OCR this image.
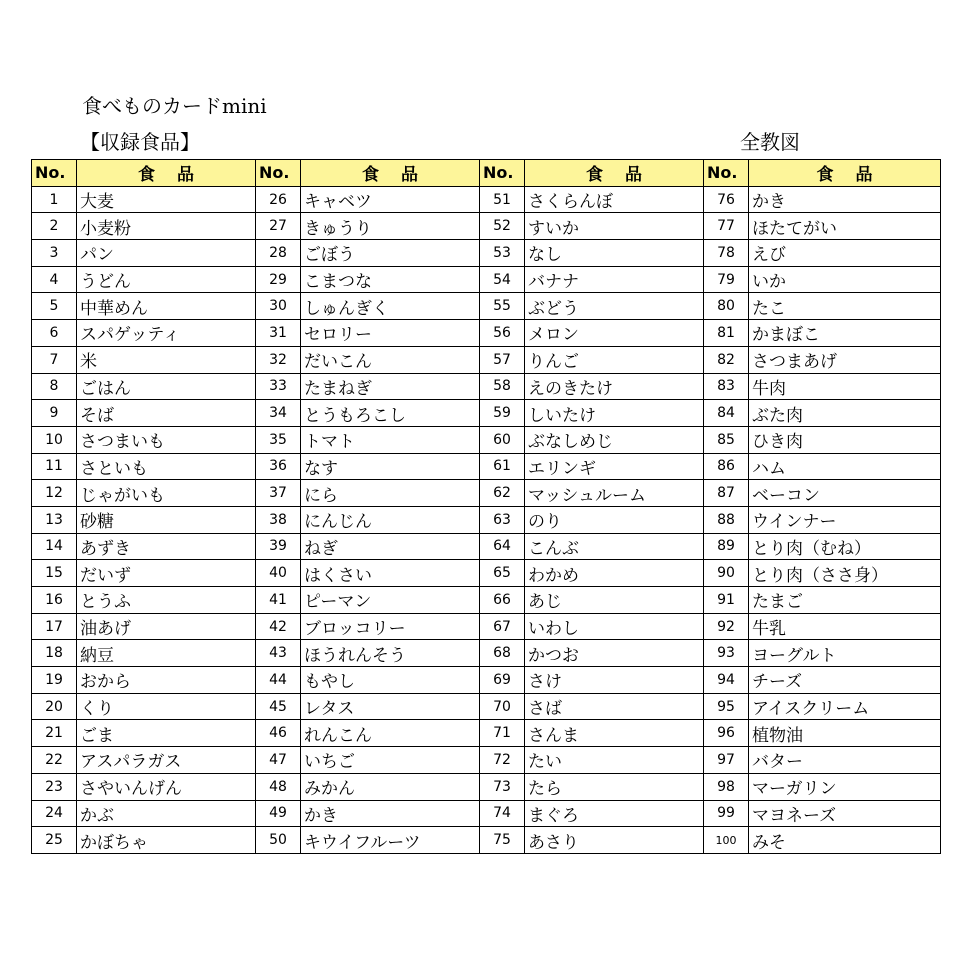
食べものカードmini
【収録食品】	全教図
No.	食品	No.	食品	No.	食品	No.	食品
1	大麦	26	キャベツ	51	さくらんぼ	76	かき
2	小麦粉	27	きゅうり	52	すいか	77	ほたてがい
3	パン	28	ごぼう	53	なし	78	えび
4	うどん	29	こまつな	54	バナナ	79	いか
5	中華めん	30	しゅんぎく	55	ぶどう	80	たこ
6	スパゲッティ	31	セロリー	56	メロン	81	かまぼこ
7	米	32	だいこん	57	りんご	82	さつまあげ
8	ごはん	33	たまねぎ	58	えのきたけ	83	牛肉
9	そば	34	とうもろこし	59	しいたけ	84	ぶた肉
10	さつまいも	35	トマト	60	ぶなしめじ	85	ひき肉
11	さといも	36	なす	61	エリンギ	86	ハム
12	じゃがいも	37	にら	62	マッシュルーム	87	ベーコン
13	砂糖	38	にんじん	63	のり	88	ウインナー
14	あずき	39	ねぎ	64	こんぶ	89	とり肉（むね）
15	だいず	40	はくさい	65	わかめ	90	とり肉（ささ身）
16	とうふ	41	ピーマン	66	あじ	91	たまご
17	油あげ	42	ブロッコリー	67	いわし	92	牛乳
18	納豆	43	ほうれんそう	68	かつお	93	ヨーグルト
19	おから	44	もやし	69	さけ	94	チーズ
20	くり	45	レタス	70	さば	95	アイスクリーム
21	ごま	46	れんこん	71	さんま	96	植物油
22	アスパラガス	47	いちご	72	たい	97	バター
23	さやいんげん	48	みかん	73	たら	98	マーガリン
24	かぶ	49	かき	74	まぐろ	99	マヨネーズ
25	かぼちゃ	50	キウイフルーツ	75	あさり	100	みそ
